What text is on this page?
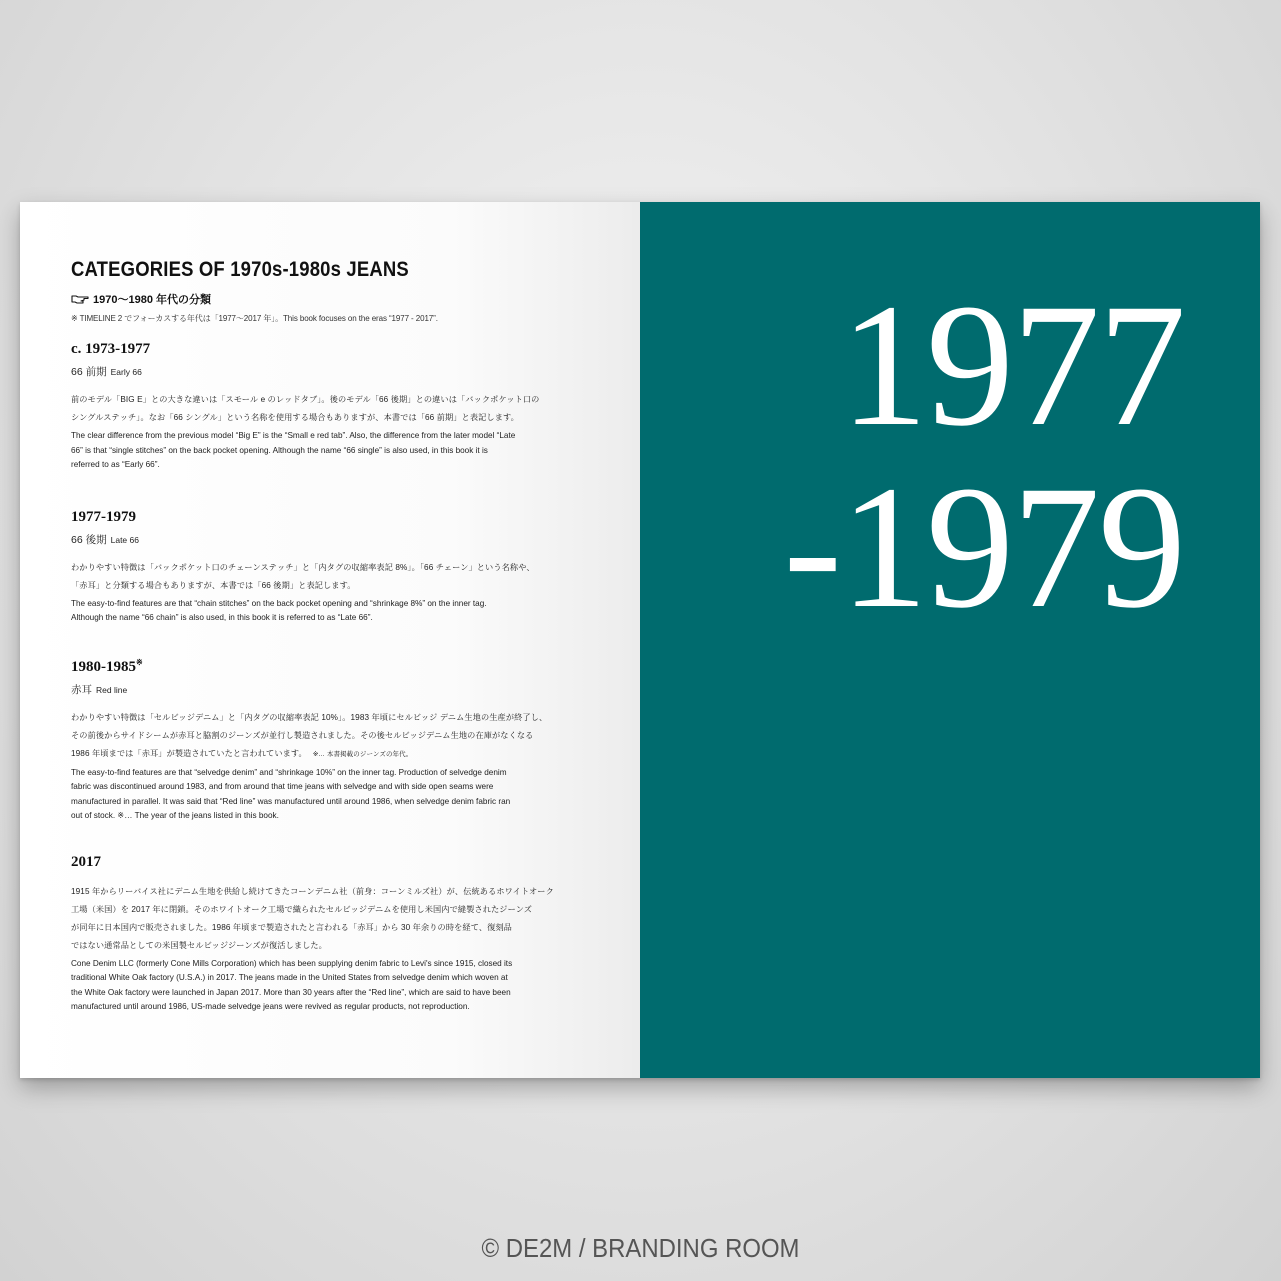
CATEGORIES OF 1970s-1980s JEANS
1970～1980 年代の分類
※ TIMELINE 2 でフォーカスする年代は「1977～2017 年」。This book focuses on the eras “1977 - 2017”.
c. 1973-1977
66 前期 Early 66
前のモデル「BIG E」との大きな違いは「スモール e のレッドタブ」。後のモデル「66 後期」との違いは「バックポケット口の
シングルステッチ」。なお「66 シングル」という名称を使用する場合もありますが、本書では「66 前期」と表記します。
The clear difference from the previous model “Big E” is the “Small e red tab”. Also, the difference from the later model “Late
66” is that “single stitches” on the back pocket opening. Although the name “66 single” is also used, in this book it is
referred to as “Early 66”.
1977-1979
66 後期 Late 66
わかりやすい特徴は「バックポケット口のチェーンステッチ」と「内タグの収縮率表記 8%」。「66 チェーン」という名称や、
「赤耳」と分類する場合もありますが、本書では「66 後期」と表記します。
The easy-to-find features are that “chain stitches” on the back pocket opening and “shrinkage 8%” on the inner tag.
Although the name “66 chain” is also used, in this book it is referred to as “Late 66”.
1980-1985※
赤耳 Red line
わかりやすい特徴は「セルビッジデニム」と「内タグの収縮率表記 10%」。1983 年頃にセルビッジ デニム生地の生産が終了し、
その前後からサイドシームが赤耳と脇割のジーンズが並行し製造されました。その後セルビッジデニム生地の在庫がなくなる
1986 年頃までは「赤耳」が製造されていたと言われています。 ※… 本書掲載のジーンズの年代。
The easy-to-find features are that “selvedge denim” and “shrinkage 10%” on the inner tag. Production of selvedge denim
fabric was discontinued around 1983, and from around that time jeans with selvedge and with side open seams were
manufactured in parallel. It was said that “Red line” was manufactured until around 1986, when selvedge denim fabric ran
out of stock. ※… The year of the jeans listed in this book.
2017
1915 年からリーバイス社にデニム生地を供給し続けてきたコーンデニム社（前身：コーンミルズ社）が、伝統あるホワイトオーク
工場（米国）を 2017 年に閉鎖。そのホワイトオーク工場で織られたセルビッジデニムを使用し米国内で縫製されたジーンズ
が同年に日本国内で販売されました。1986 年頃まで製造されたと言われる「赤耳」から 30 年余りの時を経て、復刻品
ではない通常品としての米国製セルビッジジーンズが復活しました。
Cone Denim LLC (formerly Cone Mills Corporation) which has been supplying denim fabric to Levi's since 1915, closed its
traditional White Oak factory (U.S.A.) in 2017. The jeans made in the United States from selvedge denim which woven at
the White Oak factory were launched in Japan 2017. More than 30 years after the “Red line”, which are said to have been
manufactured until around 1986, US-made selvedge jeans were revived as regular products, not reproduction.
1977
-1979
© DE2M / BRANDING ROOM
